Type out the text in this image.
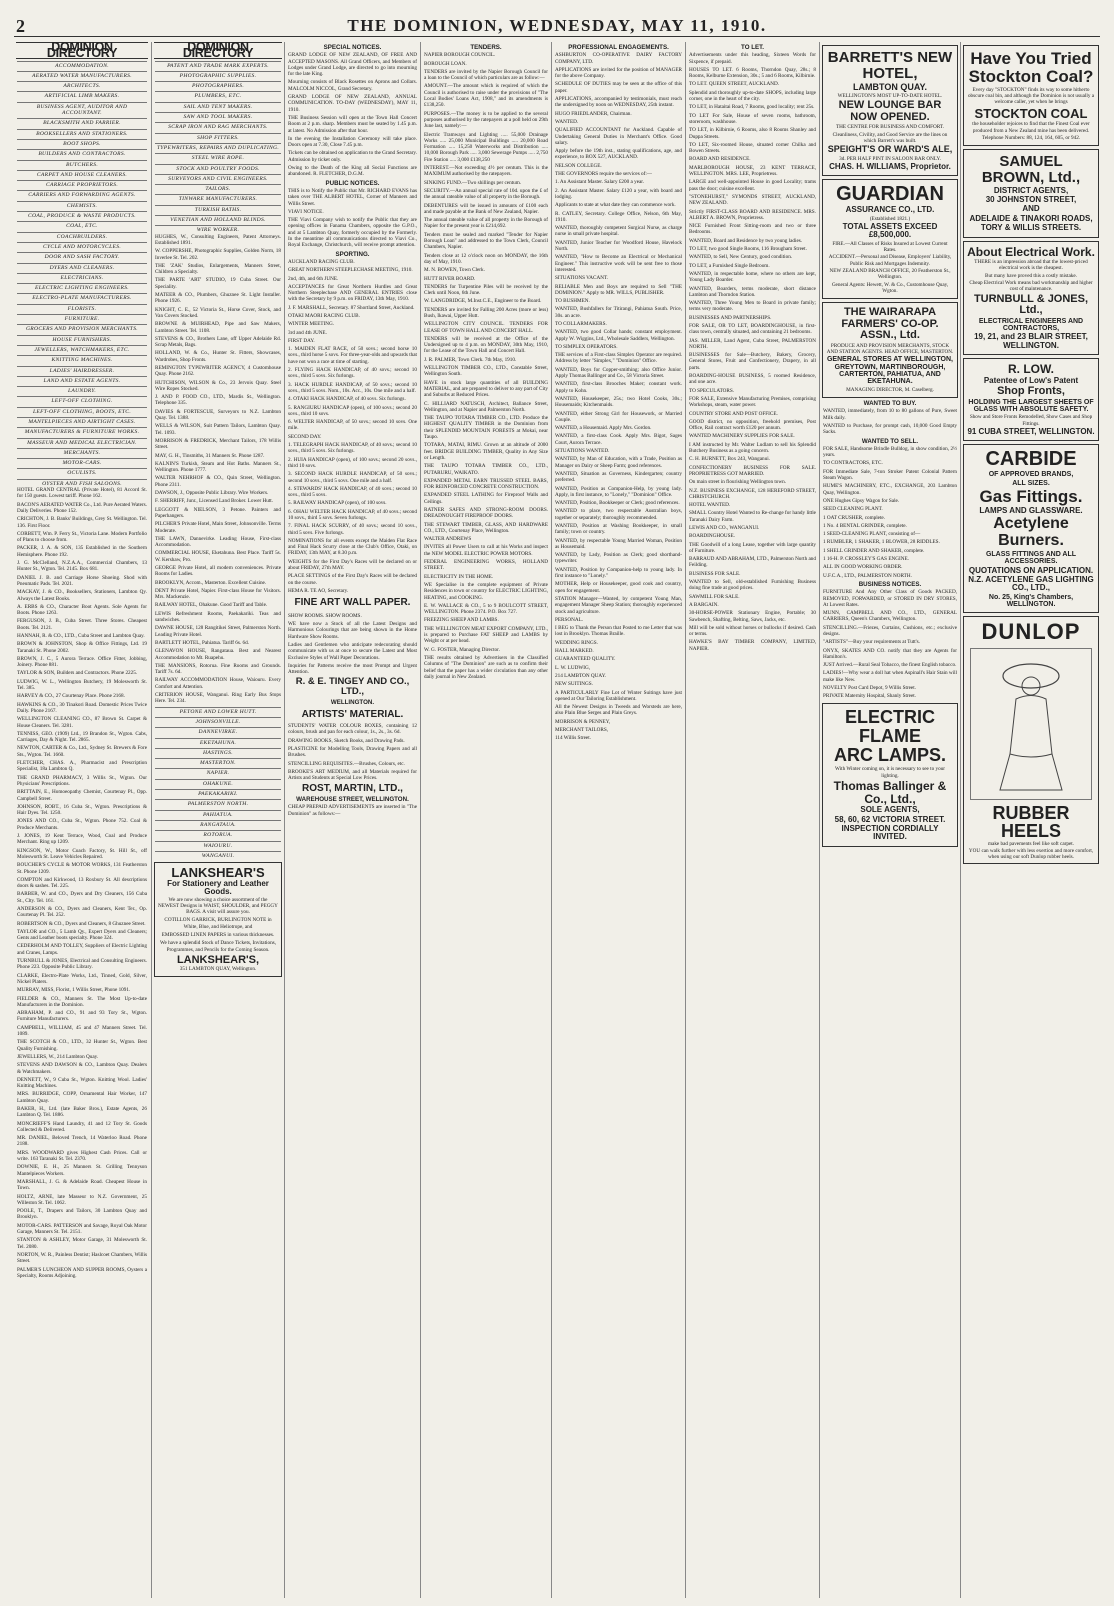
2	THE DOMINION, WEDNESDAY, MAY 11, 1910.
DOMINION DIRECTORY
ACCOMMODATION.
AERATED WATER MANUFACTURERS.
ARCHITECTS.
ARTIFICIAL LIMB MAKERS.
BUSINESS AGENT, AUDITOR AND ACCOUNTANT.
BLACKSMITH AND FARRIER.
BOOKSELLERS AND STATIONERS.
BOOT SHOPS.
BUILDERS AND CONTRACTORS.
BUTCHERS.
CARPET AND HOUSE CLEANERS.
CARRIAGE PROPRIETORS.
CARRIERS AND FORWARDING AGENTS.
CHEMISTS.
COAL, PRODUCE & WASTE PRODUCTS.
COAL, ETC.
COACHBUILDERS.
CYCLE AND MOTORCYCLES.
DOOR AND SASH FACTORY.
DYERS AND CLEANERS.
ELECTRICIANS.
ELECTRIC LIGHTING ENGINEERS.
ELECTRO-PLATE MANUFACTURERS.
FLORISTS.
FURNITURE.
GROCERS AND PROVISION MERCHANTS.
HOUSE FURNISHERS.
JEWELLERS, WATCHMAKERS, ETC.
KNITTING MACHINES.
LADIES' HAIRDRESSER.
LAND AND ESTATE AGENTS.
LAUNDRY.
LEFT-OFF CLOTHING.
LEFT-OFF CLOTHING, BOOTS, ETC.
MANTELPIECES AND AIRTIGHT CASES.
MANUFACTURERS & FURNITURE WORKS.
MASSEUR AND MEDICAL ELECTRICIAN.
MERCHANTS.
MOTOR-CARS.
OCULISTS.
OYSTER AND FISH SALOONS.
HOTEL GRAND CENTRAL (Private Hotel), 81 Accord St. for 150 guests. Lowest tariff. Phone 162.
BACON'S AERATED WATER Co., Ltd. Pure Aerated Waters. Daily Deliveries. Phone 152.
CRICHTON, J. B. Banks' Buildings, Grey St. Wellington. Tel. 136. First Floor.
CORBETT, Wm. P. Ferry St., Victoria Lane. Modern Portfolio of Plans to choose from.
PACKER, J. A. & SON, 135 Established in the Southern Hemisphere. Phone 192.
J. G. McClelland, N.Z.A.A., Commercial Chambers, 13 Hunter St., Wgton. Tel. 2145. Box 681.
DANIEL J. B. and Carriage Horse Shoeing. Shod with Pneumatic Pads. Tel. 2021.
MACKAY, J. & CO., Booksellers, Stationers, Lambton Qy. Always the Latest Books.
A. ERBS & CO., Character Boot Agents. Sole Agents for Boots. Phone 1263.
FERGUSON, J. B., Cuba Street. Three Stores. Cheapest Boots. Tel. 2121.
HANNAH, R. & CO., LTD., Cuba Street and Lambton Quay.
BROWN & JOHNSTON, Shop & Office Fittings, Ltd. 19 Taranaki St. Phone 2002.
BROWN, J. C., 5 Aurora Terrace. Office Fitter, Jobbing, Joinery. Phone 881.
TAYLOR & SON, Builders and Contractors. Phone 2225.
LUDWIG, W. L., Wellington Butchery, 19 Molesworth St. Tel. 385.
HARVEY & CO., 27 Courtenay Place. Phone 2168.
HAWKINS & CO., 30 Tinakori Road. Domestic Prices Twice Daily. Phone 2167.
WELLINGTON CLEANING CO., 87 Brown St. Carpet & House Cleaners. Tel. 3281.
TENNISS, GEO. (1909) Ltd., 19 Brandon St., Wgton. Cabs, Carriages, Day & Night. Tel. 2865.
NEWTON, CARTER & Co., Ltd., Sydney St. Brewers & Fore Sts., Wgton. Tel. 1660.
FLETCHER, CHAS. A., Pharmacist and Prescription Specialist, 18a Lambton Q.
THE GRAND PHARMACY, 3 Willis St., Wgton. Our Physicians' Prescriptions.
BRITTAIN, E., Homoeopathy Chemist, Courtenay Pl., Opp. Campbell Street.
JOHNSON, ROBT., 16 Cuba St., Wgton. Prescriptions & Hair Dyes. Tel. 1250.
JONES AND CO., Cuba St., Wgton. Phone 752. Coal & Produce Merchants.
J. JONES, 19 Kent Terrace, Wood, Coal and Produce Merchant. Ring up 1209.
KINGSON, W., Motor Coach Factory, St. Hill St., off Molesworth St. Leave Vehicles Repaired.
BOUCHER'S CYCLE & MOTOR WORKS, 131 Featherston St. Phone 1209.
COMPTON and Kirkwood, 13 Roxbury St. All descriptions doors & sashes. Tel. 225.
BARBER, W. and CO., Dyers and Dry Cleaners, 156 Cuba St., Clty. Tel. 161.
ANDERSON & CO., Dyers and Cleaners, Kent Ter., Op. Courtenay Pl. Tel. 252.
ROBERTSON & CO., Dyers and Cleaners, 8 Ghuznee Street.
TAYLOR and CO., 5 Lamb Qy., Expert Dyers and Cleaners; Gents and Leather boots specialty. Phone 324.
CEDERHOLM AND TOLLEY, Suppliers of Electric Lighting and Cranes, Lamps.
TURNBULL & JONES, Electrical and Consulting Engineers. Phone 223. Opposite Public Library.
CLARKE, Electro-Plate Works, Ltd., Tinned, Gold, Silver, Nickel Platers.
MURRAY, MISS, Florist, 1 Willis Street, Phone 1091.
FIELDER & CO., Manners St. The Most Up-to-date Manufacturers in the Dominion.
ABRAHAM, P. and CO., 91 and 93 Tory St., Wgton. Furniture Manufacturers.
CAMPBELL, WILLIAM, 45 and 47 Manners Street. Tel. 1089.
THE SCOTCH & CO., LTD., 32 Hunter St., Wgton. Best Quality Furnishing.
JEWELLERS, W., 214 Lambton Quay.
STEVENS AND DAWSON & CO., Lambton Quay. Dealers & Watchmakers.
DENNETT, W., 9 Cuba St., Wgton. Knitting Wool. Ladies' Knitting Machines.
MRS. BURRIDGE, COPP, Ornamental Hair Worker, 147 Lambton Quay.
BAKER, H., Ltd. (late Baker Bros.), Estate Agents, 26 Lambton Q. Tel. 1886.
MONCRIEFF'S Hand Laundry, 41 and 12 Tory St. Goods Collected & Delivered.
MR. DANIEL, Beloved Trench, 14 Waterloo Road. Phone 2188.
MRS. WOODWARD gives Highest Cash Prices. Call or write. 163 Taranaki St. Tel. 2370.
DOWNIE, E. H., 25 Manners St. Grilling Tennyson Mantelpieces Workers.
MARSHALL, J. G. & Adelaide Road. Cheapest House in Town.
HOLTZ, ARNE, late Masseur to N.Z. Government, 25 Willeston St. Tel. 1062.
POOLE, T., Drapers and Tailors, 30 Lambton Quay and Brooklyn.
MOTOR-CARS. PATTERSON and Savage, Royal Oak Motor Garage, Manners St. Tel. 2151.
STANTON & ASHLEY, Motor Garage, 31 Molesworth St. Tel. 2080.
NORTON, W. R., Painless Dentist; Haslcoet Chambers, Willis Street.
PALMER'S LUNCHEON AND SUPPER ROOMS, Oysters a Specialty, Rooms Adjoining.
DOMINION DIRECTORY
PATENT AND TRADE MARK EXPERTS.
PHOTOGRAPHIC SUPPLIES.
PHOTOGRAPHERS.
PLUMBERS, ETC.
SAIL AND TENT MAKERS.
SAW AND TOOL MAKERS.
SCRAP IRON AND RAG MERCHANTS.
SHOP FITTERS.
TYPEWRITERS, REPAIRS AND DUPLICATING.
STEEL WIRE ROPE.
STOCK AND POULTRY FOODS.
SURVEYORS AND CIVIL ENGINEERS.
TAILORS.
TINWARE MANUFACTURERS.
TURKISH BATHS.
VENETIAN AND HOLLAND BLINDS.
WIRE WORKER.
HUGHES, W., Consulting Engineers, Patent Attorneys. Established 1891.
W. COPPERSHE, Photographic Supplies, Golden Norm, 18 Inverlee St. Tel. 202.
THE 'ZAK' Studios, Enlargements, Manners Street, Children a Specialty.
THE PARTE 'ART' STUDIO, 19 Cuba Street. Our Speciality.
MATEER & CO., Plumbers, Ghuznee St. Light Installer. Phone 1926.
KNIGHT, C. E., 52 Victoria St., Horse Cover, Stock, and Van Covers Stocked.
BROWNE & MUIRHEAD, Pipe and Saw Makers, Lambton Street. Tel. 1108.
STEVENS & CO., Brothers Lane, off Upper Adelaide Rd. Scrap Metals, Bags.
HOLLAND, W. & Co., Hunter St. Fitters, Showcases, Wardrobes, Shop Fronts.
REMINGTON TYPEWRITER AGENCY, 4 Customhouse Quay. Phone 2162.
HUTCHISON, WILSON & Co., 23 Jervois Quay. Steel Wire Ropes Stocked.
J. AND P. FOOD CO., LTD., Mardis St., Wellington. Telephone 335.
DAVIES & FORTESCUE, Surveyors to N.Z. Lambton Quay. Tel. 1388.
WELLS & WILSON, Suit Pattern Tailors, Lambton Quay. Tel. 1093.
MORRISON & FREDRICK, Merchant Tailors, 178 Willis Street.
MAY, G. H., Tinsmiths, 31 Manners St. Phone 1287.
KALNIN'S Turkish, Steam and Hot Baths. Manners St., Wellington. Phone 1777.
WALTER NEHRHOF & CO., Quin Street, Wellington. Phone 2311.
DAWSON, J., Opposite Public Library. Wire Workers.
F. SHERRIFF, Junr., Licensed Land Broker. Lower Hutt.
LEGGOTT & NIELSON, 3 Petone. Painters and Paperhangers.
PILCHER'S Private Hotel, Main Street, Johnsonville. Terms Moderate.
THE LAWN, Dannevirke. Leading House, First-class Accommodation.
COMMERCIAL HOUSE, Eketahuna. Best Place. Tariff 5s. W. Kershaw, Pro.
GEORGE Private Hotel, all modern conveniences. Private Rooms for Ladies.
BROOKLYN, Accom., Masterton. Excellent Cuisine.
DENT Private Hotel, Napier. First-class House for Visitors. Mrs. Mackenzie.
RAILWAY HOTEL, Ohakune. Good Tariff and Table.
LEWIS Refreshment Rooms, Paekakariki. Teas and sandwiches.
DAWNE HOUSE, 128 Rangitikei Street, Palmerston North. Leading Private Hotel.
BARTLETT HOTEL, Pahiatua. Tariff 6s. 6d.
GLENAVON HOUSE, Rangataua. Best and Nearest Accommodation to Mt. Ruapehu.
THE MANSIONS, Rotorua. Fine Rooms and Grounds. Tariff 7s. 6d.
RAILWAY ACCOMMODATION House, Waiouru. Every Comfort and Attention.
CRITERION HOUSE, Wanganui. Ring Early Bus Stops Here. Tel. 234.
PETONE AND LOWER HUTT.
JOHNSONVILLE.
DANNEVIRKE.
EKETAHUNA.
HASTINGS.
MASTERTON.
NAPIER.
OHAKUNE.
PAEKAKARIKI.
PALMERSTON NORTH.
PAHIATUA.
RANGATAUA.
ROTORUA.
WAIOURU.
WANGANUI.
LANKSHEAR'S
For Stationery and Leather Goods.
We are now showing a choice assortment of the NEWEST Designs in WAIST, SHOULDER, and PEGGY BAGS. A visit will assure you.
COTILLON GARRICK, BURLINGTON NOTE in White, Blue, and Heliotrope, and
EMBOSSED LINEN PAPERS in various thicknesses.
We have a splendid Stock of Dance Tickets, Invitations, Programmes, and Pencils for the Coming Season.
LANKSHEAR'S,
351 LAMBTON QUAY, Wellington.
SPECIAL NOTICES.
GRAND LODGE OF NEW ZEALAND, OF FREE AND ACCEPTED MASONS. All Grand Officers, and Members of Lodges under Grand Lodge, are directed to go into mourning for the late King.
Mourning consists of Black Rosettes on Aprons and Collars. MALCOLM NICCOL, Grand Secretary.
GRAND LODGE OF NEW ZEALAND, ANNUAL COMMUNICATION. TO-DAY (WEDNESDAY), MAY 11, 1910.
THE Business Session will open at the Town Hall Concert Room at 2 p.m. sharp. Members must be seated by 1.45 p.m. at latest. No Admission after that hour.
In the evening the Installation Ceremony will take place. Doors open at 7.30, Close 7.45 p.m.
Tickets can be obtained on application to the Grand Secretary. Admission by ticket only.
Owing to the Death of the King all Social Functions are abandoned. R. FLETCHER, D.G.M.
PUBLIC NOTICES.
THIS is to Notify the Public that Mr. RICHARD EVANS has taken over THE ALBERT HOTEL, Corner of Manners and Willis Street.
VIAVI NOTICE.
THE Viavi Company wish to notify the Public that they are opening offices in Fanama Chambers, opposite the G.P.O., and at 5 Lambton Quay, formerly occupied by the Formerly. In the meantime all communications directed to Viavi Co., Royal Exchange, Christchurch, will receive prompt attention.
SPORTING.
AUCKLAND RACING CLUB.
GREAT NORTHERN STEEPLECHASE MEETING, 1910.
2nd, 4th, and 6th JUNE.
ACCEPTANCES for Great Northern Hurdles and Great Northern Steeplechase AND GENERAL ENTRIES close with the Secretary by 9 p.m. on FRIDAY, 13th May, 1910.
J. F. MARSHALL, Secretary. 87 Shortland Street, Auckland.
OTAKI MAORI RACING CLUB.
WINTER MEETING.
3rd and 4th JUNE.
FIRST DAY.
1. MAIDEN FLAT RACE, of 50 sovs.; second horse 10 sovs., third horse 5 sovs. For three-year-olds and upwards that have not won a race at time of starting.
2. FLYING HACK HANDICAP, of 40 sovs.; second 10 sovs., third 5 sovs. Six furlongs.
3. HACK HURDLE HANDICAP, of 50 sovs.; second 10 sovs., third 5 sovs. Nom., 10s. Acc., 10s. One mile and a half.
4. OTAKI HACK HANDICAP, of 40 sovs. Six furlongs.
5. RANGIURU HANDICAP (open), of 100 sovs.; second 20 sovs., third 10 sovs.
6. WELTER HANDICAP, of 50 sovs.; second 10 sovs. One mile.
SECOND DAY.
1. TELEGRAPH HACK HANDICAP, of 40 sovs.; second 10 sovs., third 5 sovs. Six furlongs.
2. HUIA HANDICAP (open), of 100 sovs.; second 20 sovs., third 10 sovs.
3. SECOND HACK HURDLE HANDICAP, of 50 sovs.; second 10 sovs., third 5 sovs. One mile and a half.
4. STEWARDS' HACK HANDICAP, of 40 sovs.; second 10 sovs., third 5 sovs.
5. RAILWAY HANDICAP (open), of 100 sovs.
6. OHAU WELTER HACK HANDICAP, of 40 sovs.; second 10 sovs., third 5 sovs. Seven furlongs.
7. FINAL HACK SCURRY, of 40 sovs.; second 10 sovs., third 5 sovs. Five furlongs.
NOMINATIONS for all events except the Maiden Flat Race and Final Hack Scurry close at the Club's Office, Otaki, on FRIDAY, 13th MAY, at 8.30 p.m.
WEIGHTS for the First Day's Races will be declared on or about FRIDAY, 27th MAY.
PLACE SETTINGS of the First Day's Races will be declared on the course.
HEMA R. TE AO, Secretary.
FINE ART WALL PAPER.
SHOW ROOMS. SHOW ROOMS.
WE have now a Stock of all the Latest Designs and Harmonious Colourings that are being shown in the Home Hardware Show Rooms.
Ladies and Gentlemen who anticipate redecorating should communicate with us at once to secure the Latest and Most Exclusive Styles of Wall Paper Decorations.
Inquiries for Patterns receive the most Prompt and Urgent Attention.
R. & E. TINGEY AND CO., LTD.,
WELLINGTON.
ARTISTS' MATERIAL.
STUDENTS' WATER COLOUR BOXES, containing 12 colours, brush and pan for each colour, 1s., 2s., 3s. 6d.
DRAWING BOOKS, Sketch Books, and Drawing Pads.
PLASTICINE for Modelling Tools, Drawing Papers and all Brushes.
STENCILLING REQUISITES.—Brushes, Colours, etc.
BROOKE'S ART MEDIUM, and all Materials required for Artists and Students at Special Low Prices.
ROST, MARTIN, LTD.,
WAREHOUSE STREET, WELLINGTON.
CHEAP PREPAID ADVERTISEMENTS are inserted in "The Dominion" as follows:—
TENDERS.
NAPIER BOROUGH COUNCIL.
BOROUGH LOAN.
TENDERS are invited by the Napier Borough Council for a loan to the Council of which particulars are as follow:—
AMOUNT.—The amount which is required of which the Council is authorised to raise under the provisions of "The Local Bodies' Loans Act, 1908," and its amendments is £138,250.
PURPOSES.—The money is to be applied to the several purposes authorised by the ratepayers at a poll held on 29th June last, namely:—
Electric Tramways and Lighting ..... 55,000 Drainage Works ..... 25,000 Municipal Buildings ..... 20,000 Road Formation ..... 15,250 Waterworks and Distribution ..... 10,000 Borough Park ..... 3,000 Sewerage Pumps ..... 2,750 Fire Station ..... 3,000 £138,250
INTEREST.—Not exceeding 4½ per centum. This is the MAXIMUM authorised by the ratepayers.
SINKING FUND.—Two shillings per centum.
SECURITY.—An annual special rate of 10d. upon the £ of the annual rateable value of all property in the Borough.
DEBENTURES will be issued in amounts of £100 each and made payable at the Bank of New Zealand, Napier.
The annual rateable value of all property in the Borough of Napier for the present year is £214,692.
Tenders must be sealed and marked "Tender for Napier Borough Loan" and addressed to the Town Clerk, Council Chambers, Napier.
Tenders close at 12 o'clock noon on MONDAY, the 16th day of May, 1910.
M. N. BOWEN, Town Clerk.
HUTT RIVER BOARD.
TENDERS for Turpentine Piles will be received by the Clerk until Noon, 6th June.
W. LANGDRIDGE, M.Inst.C.E., Engineer to the Board.
TENDERS are invited for Falling 200 Acres (more or less) Bush, Ikawai, Upper Hutt.
WELLINGTON CITY COUNCIL. TENDERS FOR LEASE OF TOWN HALL AND CONCERT HALL.
TENDERS will be received at the Office of the Undersigned up to 4 p.m. on MONDAY, 30th May, 1910, for the Lease of the Town Hall and Concert Hall.
J. R. PALMER, Town Clerk. 7th May, 1910.
WELLINGTON TIMBER CO., LTD., Constable Street, Wellington South.
HAVE in stock large quantities of all BUILDING MATERIAL, and are prepared to deliver to any part of City and Suburbs at Reduced Prices.
C. HILLIARD NATUSCH, Architect, Ballance Street, Wellington, and at Napier and Palmerston North.
THE TAUPO TOTARA TIMBER CO., LTD. Produce the HIGHEST QUALITY TIMBER in the Dominion from their SPLENDID MOUNTAIN FORESTS at Mokai, near Taupo.
TOTARA, MATAI, RIMU. Grown at an altitude of 2000 feet. BRIDGE BUILDING TIMBER, Quality in Any Size or Length.
THE TAUPO TOTARA TIMBER CO., LTD., PUTARURU, WAIKATO.
EXPANDED METAL EARN TRUSSED STEEL BARS, FOR REINFORCED CONCRETE CONSTRUCTION.
EXPANDED STEEL LATHING for Fireproof Walls and Ceilings.
RATNER SAFES AND STRONG-ROOM DOORS. DREADNOUGHT FIREPROOF DOORS.
THE STEWART TIMBER, GLASS, AND HARDWARE CO., LTD., Courtenay Place, Wellington.
WALTER ANDREWS
INVITES all Power Users to call at his Works and inspect the NEW MODEL ELECTRIC POWER MOTORS.
FEDERAL ENGINEERING WORKS, HOLLAND STREET.
ELECTRICITY IN THE HOME.
WE Specialise in the complete equipment of Private Residences in town or country for ELECTRIC LIGHTING, HEATING, and COOKING.
E. W. WALLACE & CO., 5 to 9 BOULCOTT STREET, WELLINGTON. Phone 2374. P.O. Box 727.
FREEZING SHEEP AND LAMBS.
THE WELLINGTON MEAT EXPORT COMPANY, LTD., is prepared to Purchase FAT SHEEP and LAMBS by Weight or at per head.
W. G. FOSTER, Managing Director.
THE results obtained by Advertisers in the Classified Columns of "The Dominion" are such as to confirm their belief that the paper has a wider circulation than any other daily journal in New Zealand.
PROFESSIONAL ENGAGEMENTS.
ASHBURTON CO-OPERATIVE DAIRY FACTORY COMPANY, LTD.
APPLICATIONS are invited for the position of MANAGER for the above Company.
SCHEDULE OF DUTIES may be seen at the office of this paper.
APPLICATIONS, accompanied by testimonials, must reach the undersigned by noon on WEDNESDAY, 25th instant.
HUGO FRIEDLANDER, Chairman.
WANTED.
QUALIFIED ACCOUNTANT for Auckland. Capable of Undertaking General Duties in Merchant's Office. Good salary.
Apply before the 19th inst., stating qualifications, age, and experience, to BOX 527, AUCKLAND.
NELSON COLLEGE.
THE GOVERNORS require the services of:—
1. An Assistant Master. Salary £200 a year.
2. An Assistant Master. Salary £120 a year, with board and lodging.
Applicants to state at what date they can commence work.
R. CATLEY, Secretary. College Office, Nelson, 6th May, 1910.
WANTED, thoroughly competent Surgical Nurse, as charge nurse in small private hospital.
WANTED, Junior Teacher for Woodford House, Havelock North.
WANTED, "How to Become an Electrical or Mechanical Engineer." This instructive work will be sent free to those interested.
SITUATIONS VACANT.
RELIABLE Men and Boys are required to Sell "THE DOMINION." Apply to MR. WILLS, PUBLISHER.
TO BUSHMEN.
WANTED, Bushfallers for Titirangi, Pahiatua South. Price, 30s. an acre.
TO COLLARMAKERS.
WANTED, two good Collar hands; constant employment. Apply W. Wiggins, Ltd., Wholesale Saddlers, Wellington.
TO SIMPLEX OPERATORS.
THE services of a First-class Simplex Operator are required. Address by letter "Simplex," "Dominion" Office.
WANTED, Boys for Copper-smithing; also Office Junior. Apply Thomas Ballinger and Co., 58 Victoria Street.
WANTED, first-class Brooches Maker; constant work. Apply to Kohn.
WANTED, Housekeeper, 25s.; two Hotel Cooks, 30s.; Housemaids; Kitchenmaids.
WANTED, either Strong Girl for Housework, or Married Couple.
WANTED, a Housemaid. Apply Mrs. Gordon.
WANTED, a first-class Cook. Apply Mrs. Bigot, Sages Court, Aurora Terrace.
SITUATIONS WANTED.
WANTED, by Man of Education, with a Trade, Position as Manager on Dairy or Sheep Farm; good references.
WANTED, Situation as Governess, Kindergarten; country preferred.
WANTED, Position as Companion-Help, by young lady. Apply, in first instance, to "Lonely," "Dominion" Office.
WANTED, Position, Bookkeeper or Clerk; good references.
WANTED to place, two respectable Australian boys, together or separately; thoroughly recommended.
WANTED, Position at Washing Bookkeeper, in small family; town or country.
WANTED, by respectable Young Married Woman, Position as Housemaid.
WANTED, by Lady, Position as Clerk; good shorthand-typewriter.
WANTED, Position by Companion-help to young lady. In first instance to "Lonely."
MOTHER, Help or Housekeeper, good cook and country, open for engagement.
STATION Manager—Wanted, by competent Young Man, engagement Manager Sheep Station; thoroughly experienced stock and agriculture.
PERSONAL.
I BEG to Thank the Person that Posted to me Letter that was lost in Brooklyn. Thomas Braille.
WEDDING RINGS.
HALL MARKED.
GUARANTEED QUALITY.
L. W. LUDWIG,
214 LAMBTON QUAY.
NEW SUITINGS.
A PARTICULARLY Fine Lot of Winter Suitings have just opened at Our Tailoring Establishment.
All the Newest Designs in Tweeds and Worsteds are here, also Plain Blue Serges and Plain Greys.
MORRISON & PENNEY,
MERCHANT TAILORS,
114 Willis Street.
TO LET.
Advertisements under this heading, Sixteen Words for Sixpence, if prepaid.
HOUSES TO LET. 6 Rooms, Thorndon Quay, 28s.; 8 Rooms, Kelburne Extension, 30s.; 5 and 6 Rooms, Kilbirnie.
TO LET. QUEEN STREET, AUCKLAND.
Splendid and thoroughly up-to-date SHOPS, including large corner, one in the heart of the city.
TO LET, in Hataitai Road, 7 Rooms, good locality; rent 25s.
TO LET For Sale, House of seven rooms, bathroom, storeroom, washhouse.
TO LET, in Kilbirnie, 6 Rooms, also 8 Rooms Shanley and Duppa Streets.
TO LET, Six-roomed House, situated corner Chilka and Bowen Streets.
BOARD AND RESIDENCE.
MARLBOROUGH HOUSE, 23 KENT TERRACE, WELLINGTON. MRS. LEE, Proprietress.
LARGE and well-appointed House in good Locality; trams pass the door; cuisine excellent.
"STONEHURST," SYMONDS STREET, AUCKLAND, NEW ZEALAND.
Strictly FIRST-CLASS BOARD AND RESIDENCE. MRS. ALBERT A. BROWN, Proprietress.
NICE Furnished Front Sitting-room and two or three Bedrooms.
WANTED, Board and Residence by two young ladies.
TO LET, two good Single Rooms, 116 Brougham Street.
WANTED, to Sell, New Century, good condition.
TO LET, a Furnished Single Bedroom.
WANTED, in respectable home, where no others are kept, Young Lady Boarder.
WANTED, Boarders, terms moderate, short distance Lambton and Thorndon Station.
WANTED, Three Young Men to Board in private family; terms very moderate.
BUSINESSES AND PARTNERSHIPS.
FOR SALE, OR TO LET, BOARDINGHOUSE, in first-class town, centrally situated, and containing 21 bedrooms.
JAS. MILLER, Land Agent, Cuba Street, PALMERSTON NORTH.
BUSINESSES for Sale—Butchery, Bakery, Grocery, General Stores, Fruit and Confectionery, Drapery, in all parts.
BOARDING-HOUSE BUSINESS, 5 roomed Residence, and one acre.
TO SPECULATORS.
FOR SALE, Extensive Manufacturing Premises, comprising Workshops, steam, water power.
COUNTRY STORE AND POST OFFICE.
GOOD district, no opposition, freehold premises, Post Office, Rail contract worth £120 per annum.
WANTED MACHINERY SUPPLIES FOR SALE.
I AM instructed by Mr. Walter Ludlam to sell his Splendid Butchery Business as a going concern.
C. H. BURNETT, Box 243, Wanganui.
CONFECTIONERY BUSINESS FOR SALE. PROPRIETRESS GOT MARRIED.
On main street in flourishing Wellington town.
N.Z. BUSINESS EXCHANGE, 128 HEREFORD STREET, CHRISTCHURCH.
HOTEL WANTED.
SMALL Country Hotel Wanted to Re-change for handy little Taranaki Dairy Farm.
LEWIS AND CO., WANGANUI.
BOARDINGHOUSE.
THE Goodwill of a long Lease, together with large quantity of Furniture.
BARRAUD AND ABRAHAM, LTD., Palmerston North and Feilding.
BUSINESS FOR SALE.
WANTED to Sell, old-established Furnishing Business doing fine trade at good prices.
SAWMILL FOR SALE.
A BARGAIN.
30-HORSE-POWER Stationary Engine, Portable; 30 Sawbench, Shafting, Belting, Saws, Jacks, etc.
Mill will be sold without horses or bullocks if desired. Cash or terms.
HAWKE'S BAY TIMBER COMPANY, LIMITED, NAPIER.
BARRETT'S NEW HOTEL,
LAMBTON QUAY.
WELLINGTON'S MOST UP-TO-DATE HOTEL.
NEW LOUNGE BAR NOW OPENED.
THE CENTRE FOR BUSINESS AND COMFORT.
Cleanliness, Civility, and Good Service are the lines on which Barrett's was built.
SPEIGHT'S OR WARD'S ALE,
3d. PER HALF PINT IN SALOON BAR ONLY.
CHAS. H. WILLIAMS, Proprietor.
GUARDIAN
ASSURANCE CO., LTD.
(Established 1821.)
TOTAL ASSETS EXCEED £8,500,000.
FIRE.—All Classes of Risks Insured at Lowest Current Rates.
ACCIDENT.—Personal and Disease, Employers' Liability, Public Risk and Mortgages Indemnity.
NEW ZEALAND BRANCH OFFICE, 20 Featherston St., Wellington.
General Agents: Hewett, W. & Co., Customhouse Quay, Wgton.
THE WAIRARAPA FARMERS' CO-OP. ASSN., Ltd.
PRODUCE AND PROVISION MERCHANTS, STOCK AND STATION AGENTS. HEAD OFFICE, MASTERTON.
GENERAL STORES AT WELLINGTON, GREYTOWN, MARTINBOROUGH, CARTERTON, PAHIATUA, AND EKETAHUNA.
MANAGING DIRECTOR, M. Caselberg.
WANTED TO BUY.
WANTED, immediately, from 10 to 80 gallons of Pure, Sweet Milk daily.
WANTED to Purchase, for prompt cash, 10,000 Good Empty Sacks.
WANTED TO SELL.
FOR SALE, Handsome Brindle Bulldog, in show condition, 2½ years.
TO CONTRACTORS, ETC.
FOR Immediate Sale, 7-ton Stroker Patent Colonial Pattern Steam Wagon.
HUME'S MACHINERY, ETC., EXCHANGE, 203 Lambton Quay, Wellington.
ONE Hughes Gipsy Wagon for Sale.
SEED CLEANING PLANT.
1 OAT CRUSHER, complete.
1 No. 4 BENTAL GRINDER, complete.
1 SEED-CLEANING PLANT, consisting of—
1 RUMBLER, 1 SHAKER, 1 BLOWER, 28 RIDDLES.
1 SHELL GRINDER AND SHAKER, complete.
1 16-H. P. CROSSLEY'S GAS ENGINE.
ALL IN GOOD WORKING ORDER.
U.F.C.A., LTD., PALMERSTON NORTH.
BUSINESS NOTICES.
FURNITURE And Any Other Class of Goods PACKED, REMOVED, FORWARDED, or STORED IN DRY STORES, At Lowest Rates.
MUNN, CAMPBELL AND CO., LTD., GENERAL CARRIERS, Queen's Chambers, Wellington.
STENCILLING.—Friezes, Curtains, Cushions, etc.; exclusive designs.
"ARTISTS"—Buy your requirements at Tutt's.
ONYX, SKATES AND CO. notify that they are Agents for Hamilton's.
JUST Arrived.—Rural Seal Tobacco, the finest English tobacco.
LADIES!—Why wear a doll hat when Aspinall's Hair Stain will make like New.
NOVELTY Post Card Depot, 9 Willis Street.
PRIVATE Maternity Hospital, Shanly Street.
ELECTRIC FLAME
ARC LAMPS.
With Winter coming on, it is necessary to see to your lighting.
Thomas Ballinger & Co., Ltd.,
SOLE AGENTS,
58, 60, 62 VICTORIA STREET.
INSPECTION CORDIALLY INVITED.
Have You Tried Stockton Coal?
Every day "STOCKTON" finds its way to some hitherto obscure coal bin, and although the Dominion is not usually a welcome caller, yet when he brings
STOCKTON COAL
the householder rejoices to find that the Finest Coal ever produced from a New Zealand mine has been delivered.
Telephone Numbers: 88, 124, 164, 605, or 942.
SAMUEL BROWN, Ltd.,
DISTRICT AGENTS,
30 JOHNSTON STREET,
AND
ADELAIDE & TINAKORI ROADS,
TORY & WILLIS STREETS.
About Electrical Work.
THERE is an impression abroad that the lowest-priced electrical work is the cheapest.
But many have proved this a costly mistake.
Cheap Electrical Work means bad workmanship and higher cost of maintenance.
TURNBULL & JONES, Ltd.,
ELECTRICAL ENGINEERS AND CONTRACTORS,
19, 21, and 23 BLAIR STREET, WELLINGTON.
R. LOW.
Patentee of Low's Patent
Shop Fronts,
HOLDING THE LARGEST SHEETS OF GLASS WITH ABSOLUTE SAFETY.
Show and Store Fronts Remodelled, Show Cases and Shop Fittings.
91 CUBA STREET, WELLINGTON.
CARBIDE
OF APPROVED BRANDS,
ALL SIZES.
Gas Fittings.
LAMPS AND GLASSWARE.
Acetylene Burners.
GLASS FITTINGS AND ALL ACCESSORIES.
QUOTATIONS ON APPLICATION.
N.Z. ACETYLENE GAS LIGHTING CO., LTD.,
No. 25, King's Chambers, WELLINGTON.
DUNLOP
RUBBER HEELS
make bad pavements feel like soft carpet.
YOU can walk further with less exertion and more comfort, when using our soft Dunlop rubber heels.
